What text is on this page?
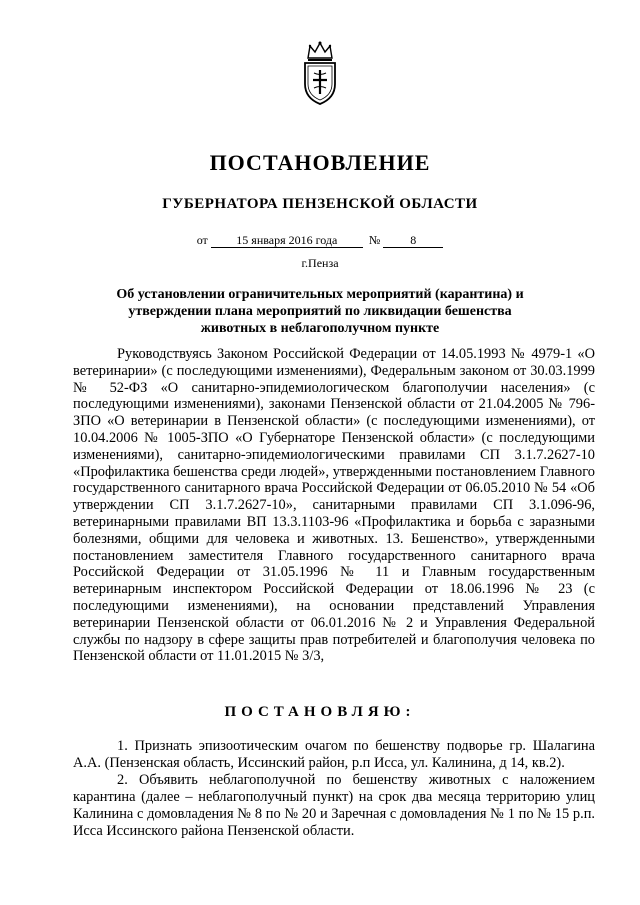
ПОСТАНОВЛЕНИЕ
ГУБЕРНАТОРА ПЕНЗЕНСКОЙ ОБЛАСТИ
от 15 января 2016 года	№	8
г.Пенза
Об установлении ограничительных мероприятий (карантина) и утверждении плана мероприятий по ликвидации бешенства животных в неблагополучном пункте

Руководствуясь Законом Российской Федерации от 14.05.1993 № 4979-1 «О ветеринарии» (с последующими изменениями), Федеральным законом от 30.03.1999 № 52-ФЗ «О санитарно-эпидемиологическом благополучии населения» (с последующими изменениями), законами Пензенской области от 21.04.2005 № 796-ЗПО «О ветеринарии в Пензенской области» (с последующими изменениями), от 10.04.2006 № 1005-ЗПО «О Губернаторе Пензенской области» (с последующими изменениями), санитарно-эпидемиологическими правилами СП 3.1.7.2627-10 «Профилактика бешенства среди людей», утвержденными постановлением Главного государственного санитарного врача Российской Федерации от 06.05.2010 № 54 «Об утверждении СП 3.1.7.2627-10», санитарными правилами СП 3.1.096-96, ветеринарными правилами ВП 13.3.1103-96 «Профилактика и борьба с заразными болезнями, общими для человека и животных. 13. Бешенство», утвержденными постановлением заместителя Главного государственного санитарного врача Российской Федерации от 31.05.1996 № 11 и Главным государственным ветеринарным инспектором Российской Федерации от 18.06.1996 № 23 (с последующими изменениями), на основании представлений Управления ветеринарии Пензенской области от 06.01.2016 № 2 и Управления Федеральной службы по надзору в сфере защиты прав потребителей и благополучия человека по Пензенской области от 11.01.2015 № 3/3,

ПОСТАНОВЛЯЮ:

1. Признать эпизоотическим очагом по бешенству подворье гр. Шалагина А.А. (Пензенская область, Иссинский район, р.п Исса, ул. Калинина, д 14, кв.2).

2. Объявить неблагополучной по бешенству животных с наложением карантина (далее – неблагополучный пункт) на срок два месяца территорию улиц Калинина с домовладения № 8 по № 20 и Заречная с домовладения № 1 по № 15 р.п. Исса Иссинского района Пензенской области.
